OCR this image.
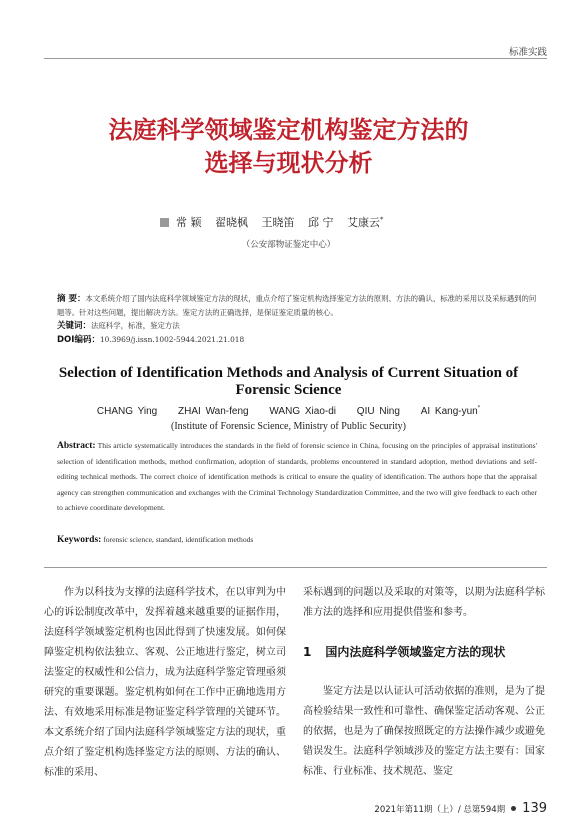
标准实践
法庭科学领域鉴定机构鉴定方法的
选择与现状分析
常 颖 翟晓枫 王晓笛 邱 宁 艾康云*
（公安部物证鉴定中心）
摘 要：本文系统介绍了国内法庭科学领域鉴定方法的现状，重点介绍了鉴定机构选择鉴定方法的原则、方法的确认、标准的采用以及采标遇到的问题等。针对这些问题，提出解决方法。鉴定方法的正确选择，是保证鉴定质量的核心。
关键词：法庭科学，标准，鉴定方法
DOI编码：10.3969/j.issn.1002-5944.2021.21.018
Selection of Identification Methods and Analysis of Current Situation of
Forensic Science
CHANG Ying ZHAI Wan-feng WANG Xiao-di QIU Ning AI Kang-yun*
(Institute of Forensic Science, Ministry of Public Security)
Abstract: This article systematically introduces the standards in the field of forensic science in China, focusing on the principles of appraisal institutions' selection of identification methods, method confirmation, adoption of standards, problems encountered in standard adoption, method deviations and self-editing technical methods. The correct choice of identification methods is critical to ensure the quality of identification. The authors hope that the appraisal agency can strengthen communication and exchanges with the Criminal Technology Standardization Committee, and the two will give feedback to each other to achieve coordinate development.
Keywords: forensic science, standard, identification methods

作为以科技为支撑的法庭科学技术，在以审判为中心的诉讼制度改革中，发挥着越来越重要的证据作用，法庭科学领域鉴定机构也因此得到了快速发展。如何保障鉴定机构依法独立、客观、公正地进行鉴定，树立司法鉴定的权威性和公信力，成为法庭科学鉴定管理亟须研究的重要课题。鉴定机构如何在工作中正确地选用方法、有效地采用标准是物证鉴定科学管理的关键环节。本文系统介绍了国内法庭科学领域鉴定方法的现状，重点介绍了鉴定机构选择鉴定方法的原则、方法的确认、标准的采用、

采标遇到的问题以及采取的对策等，以期为法庭科学标准方法的选择和应用提供借鉴和参考。

1 国内法庭科学领域鉴定方法的现状

鉴定方法是以认证认可活动依据的准则，是为了提高检验结果一致性和可靠性、确保鉴定活动客观、公正的依据，也是为了确保按照既定的方法操作减少或避免错误发生。法庭科学领域涉及的鉴定方法主要有：国家标准、行业标准、技术规范、鉴定

2021年第11期（上）/ 总第594期 139
